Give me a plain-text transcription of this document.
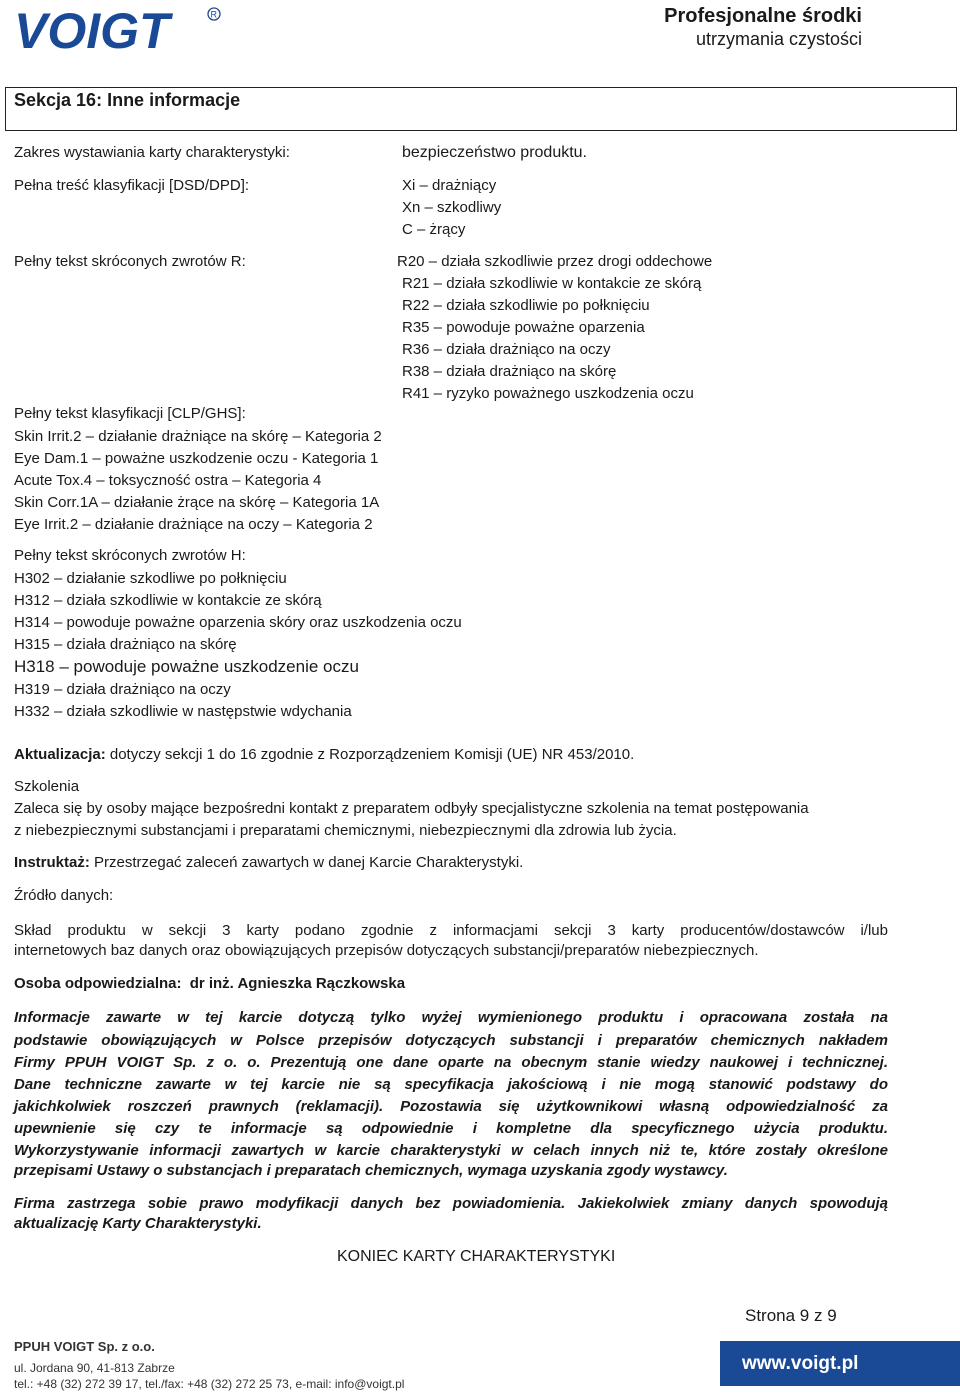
VOIGT	R	Profesjonalne środki
utrzymania czystości
Sekcja 16: Inne informacje
Zakres wystawiania karty charakterystyki:	bezpieczeństwo produktu.
Pełna treść klasyfikacji [DSD/DPD]:	Xi – drażniący
Xn – szkodliwy
C – żrący
Pełny tekst skróconych zwrotów R:	R20 – działa szkodliwie przez drogi oddechowe
R21 – działa szkodliwie w kontakcie ze skórą
R22 – działa szkodliwie po połknięciu
R35 – powoduje poważne oparzenia
R36 – działa drażniąco na oczy
R38 – działa drażniąco na skórę
R41 – ryzyko poważnego uszkodzenia oczu
Pełny tekst klasyfikacji [CLP/GHS]:
Skin Irrit.2 – działanie drażniące na skórę – Kategoria 2
Eye Dam.1 – poważne uszkodzenie oczu - Kategoria 1
Acute Tox.4 – toksyczność ostra – Kategoria 4
Skin Corr.1A – działanie żrące na skórę – Kategoria 1A
Eye Irrit.2 – działanie drażniące na oczy – Kategoria 2
Pełny tekst skróconych zwrotów H:
H302 – działanie szkodliwe po połknięciu
H312 – działa szkodliwie w kontakcie ze skórą
H314 – powoduje poważne oparzenia skóry oraz uszkodzenia oczu
H315 – działa drażniąco na skórę
H318 – powoduje poważne uszkodzenie oczu
H319 – działa drażniąco na oczy
H332 – działa szkodliwie w następstwie wdychania
Aktualizacja: dotyczy sekcji 1 do 16 zgodnie z Rozporządzeniem Komisji (UE) NR 453/2010.
Szkolenia
Zaleca się by osoby mające bezpośredni kontakt z preparatem odbyły specjalistyczne szkolenia na temat postępowania
z niebezpiecznymi substancjami i preparatami chemicznymi, niebezpiecznymi dla zdrowia lub życia.
Instruktaż: Przestrzegać zaleceń zawartych w danej Karcie Charakterystyki.
Źródło danych:
Skład produktu w sekcji 3 karty podano zgodnie z informacjami sekcji 3 karty producentów/dostawców i/lub
internetowych baz danych oraz obowiązujących przepisów dotyczących substancji/preparatów niebezpiecznych.
Osoba odpowiedzialna: dr inż. Agnieszka Rączkowska
Informacje zawarte w tej karcie dotyczą tylko wyżej wymienionego produktu i opracowana została na
podstawie obowiązujących w Polsce przepisów dotyczących substancji i preparatów chemicznych nakładem
Firmy PPUH VOIGT Sp. z o. o. Prezentują one dane oparte na obecnym stanie wiedzy naukowej i technicznej.
Dane techniczne zawarte w tej karcie nie są specyfikacja jakościową i nie mogą stanowić podstawy do
jakichkolwiek roszczeń prawnych (reklamacji). Pozostawia się użytkownikowi własną odpowiedzialność za
upewnienie się czy te informacje są odpowiednie i kompletne dla specyficznego użycia produktu.
Wykorzystywanie informacji zawartych w karcie charakterystyki w celach innych niż te, które zostały określone
przepisami Ustawy o substancjach i preparatach chemicznych, wymaga uzyskania zgody wystawcy.
Firma zastrzega sobie prawo modyfikacji danych bez powiadomienia. Jakiekolwiek zmiany danych spowodują
aktualizację Karty Charakterystyki.
KONIEC KARTY CHARAKTERYSTYKI
Strona 9 z 9
PPUH VOIGT Sp. z o.o.
ul. Jordana 90, 41-813 Zabrze
tel.: +48 (32) 272 39 17, tel./fax: +48 (32) 272 25 73, e-mail: info@voigt.pl
www.voigt.pl
